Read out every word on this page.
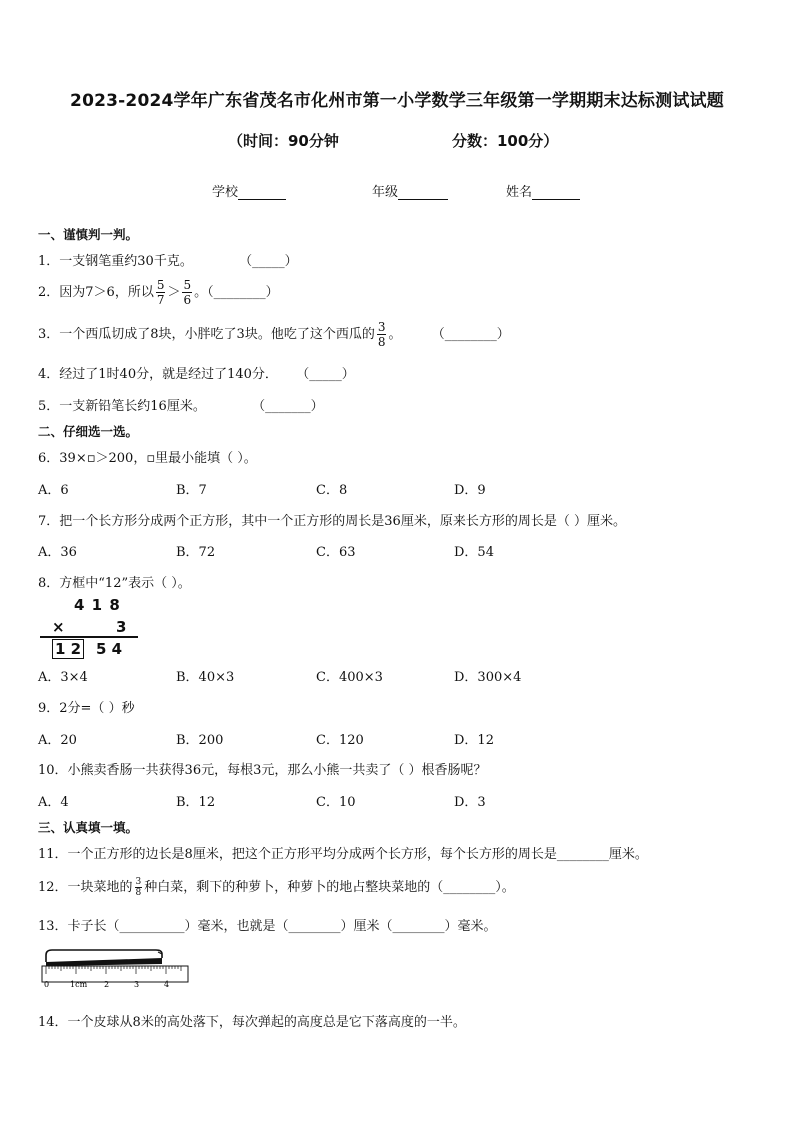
2023-2024学年广东省茂名市化州市第一小学数学三年级第一学期期末达标测试试题
（时间：90分钟	分数：100分）
学校	年级	姓名
一、谨慎判一判。
1．一支钢笔重约30千克。	（_____）
2．因为7＞6，所以 $\frac{5}{7} > \frac{5}{6}$ 。（________）
3．一个西瓜切成了8块，小胖吃了3块。他吃了这个西瓜的 $\frac{3}{8}$ 。 （________）
4．经过了1时40分，就是经过了140分． （_____）
5．一支新铅笔长约16厘米。	（_______）
二、仔细选一选。
6．39×▫＞200，▫里最小能填（ ）。
A．6	B．7	C．8	D．9
7．把一个长方形分成两个正方形，其中一个正方形的周长是36厘米，原来长方形的周长是（ ）厘米。
A．36	B．72	C．63	D．54
8．方框中“12”表示（ ）。
4 1 8
×	3
1 2 5 4
A．3×4	B．40×3	C．400×3	D．300×4
9．2分=（ ）秒
A．20	B．200	C．120	D．12
10．小熊卖香肠一共获得36元，每根3元，那么小熊一共卖了（ ）根香肠呢？
A．4	B．12	C．10	D．3
三、认真填一填。
11．一个正方形的边长是8厘米，把这个正方形平均分成两个长方形，每个长方形的周长是________厘米。
12．一块菜地的 $\frac{3}{8}$ 种白菜，剩下的种萝卜，种萝卜的地占整块菜地的（________）。
13．卡子长（__________）毫米，也就是（________）厘米（________）毫米。
0	1cm 2	3	4
14．一个皮球从8米的高处落下，每次弹起的高度总是它下落高度的一半。
